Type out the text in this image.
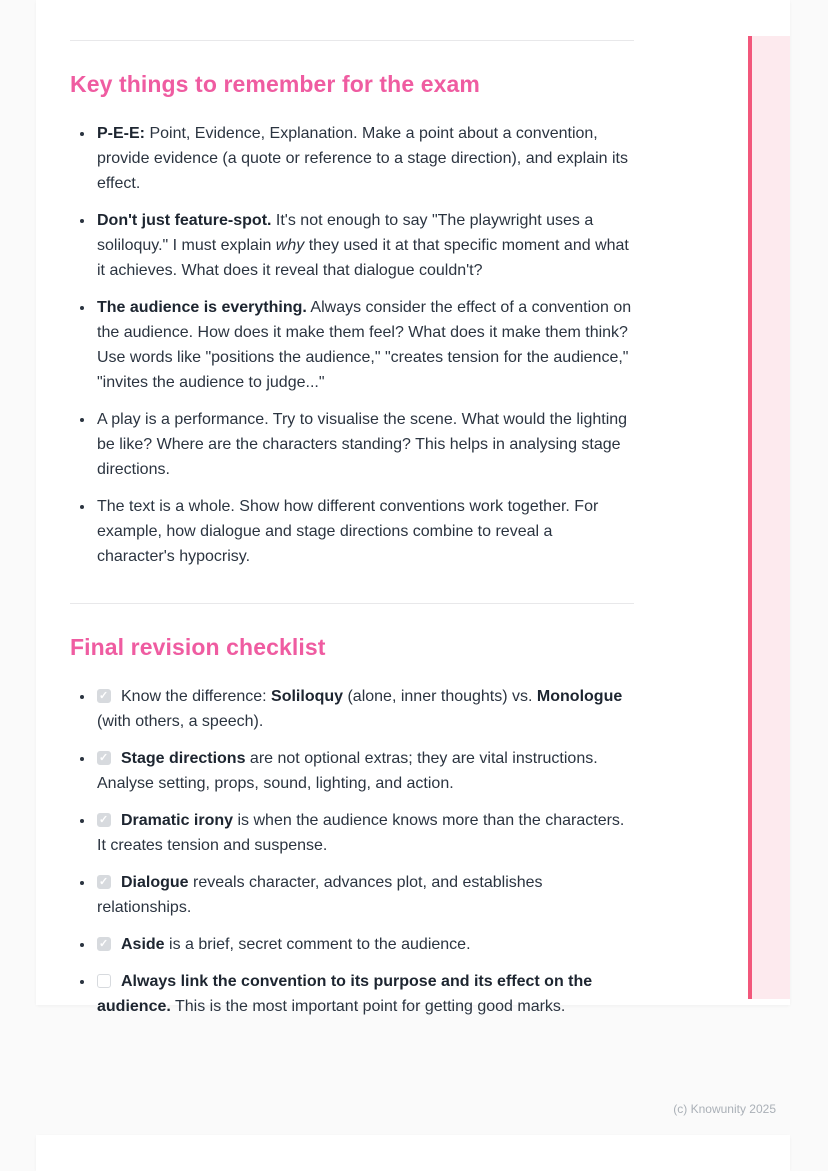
Key things to remember for the exam
• P-E-E: Point, Evidence, Explanation. Make a point about a convention, provide evidence (a quote or reference to a stage direction), and explain its effect.
• Don't just feature-spot. It's not enough to say "The playwright uses a soliloquy." I must explain why they used it at that specific moment and what it achieves. What does it reveal that dialogue couldn't?
• The audience is everything. Always consider the effect of a convention on the audience. How does it make them feel? What does it make them think? Use words like "positions the audience," "creates tension for the audience," "invites the audience to judge..."
• A play is a performance. Try to visualise the scene. What would the lighting be like? Where are the characters standing? This helps in analysing stage directions.
• The text is a whole. Show how different conventions work together. For example, how dialogue and stage directions combine to reveal a character's hypocrisy.
Final revision checklist
• ✓ Know the difference: Soliloquy (alone, inner thoughts) vs. Monologue (with others, a speech).
• ✓ Stage directions are not optional extras; they are vital instructions. Analyse setting, props, sound, lighting, and action.
• ✓ Dramatic irony is when the audience knows more than the characters. It creates tension and suspense.
• ✓ Dialogue reveals character, advances plot, and establishes relationships.
• ✓ Aside is a brief, secret comment to the audience.
• Always link the convention to its purpose and its effect on the audience. This is the most important point for getting good marks.
(c) Knowunity 2025
